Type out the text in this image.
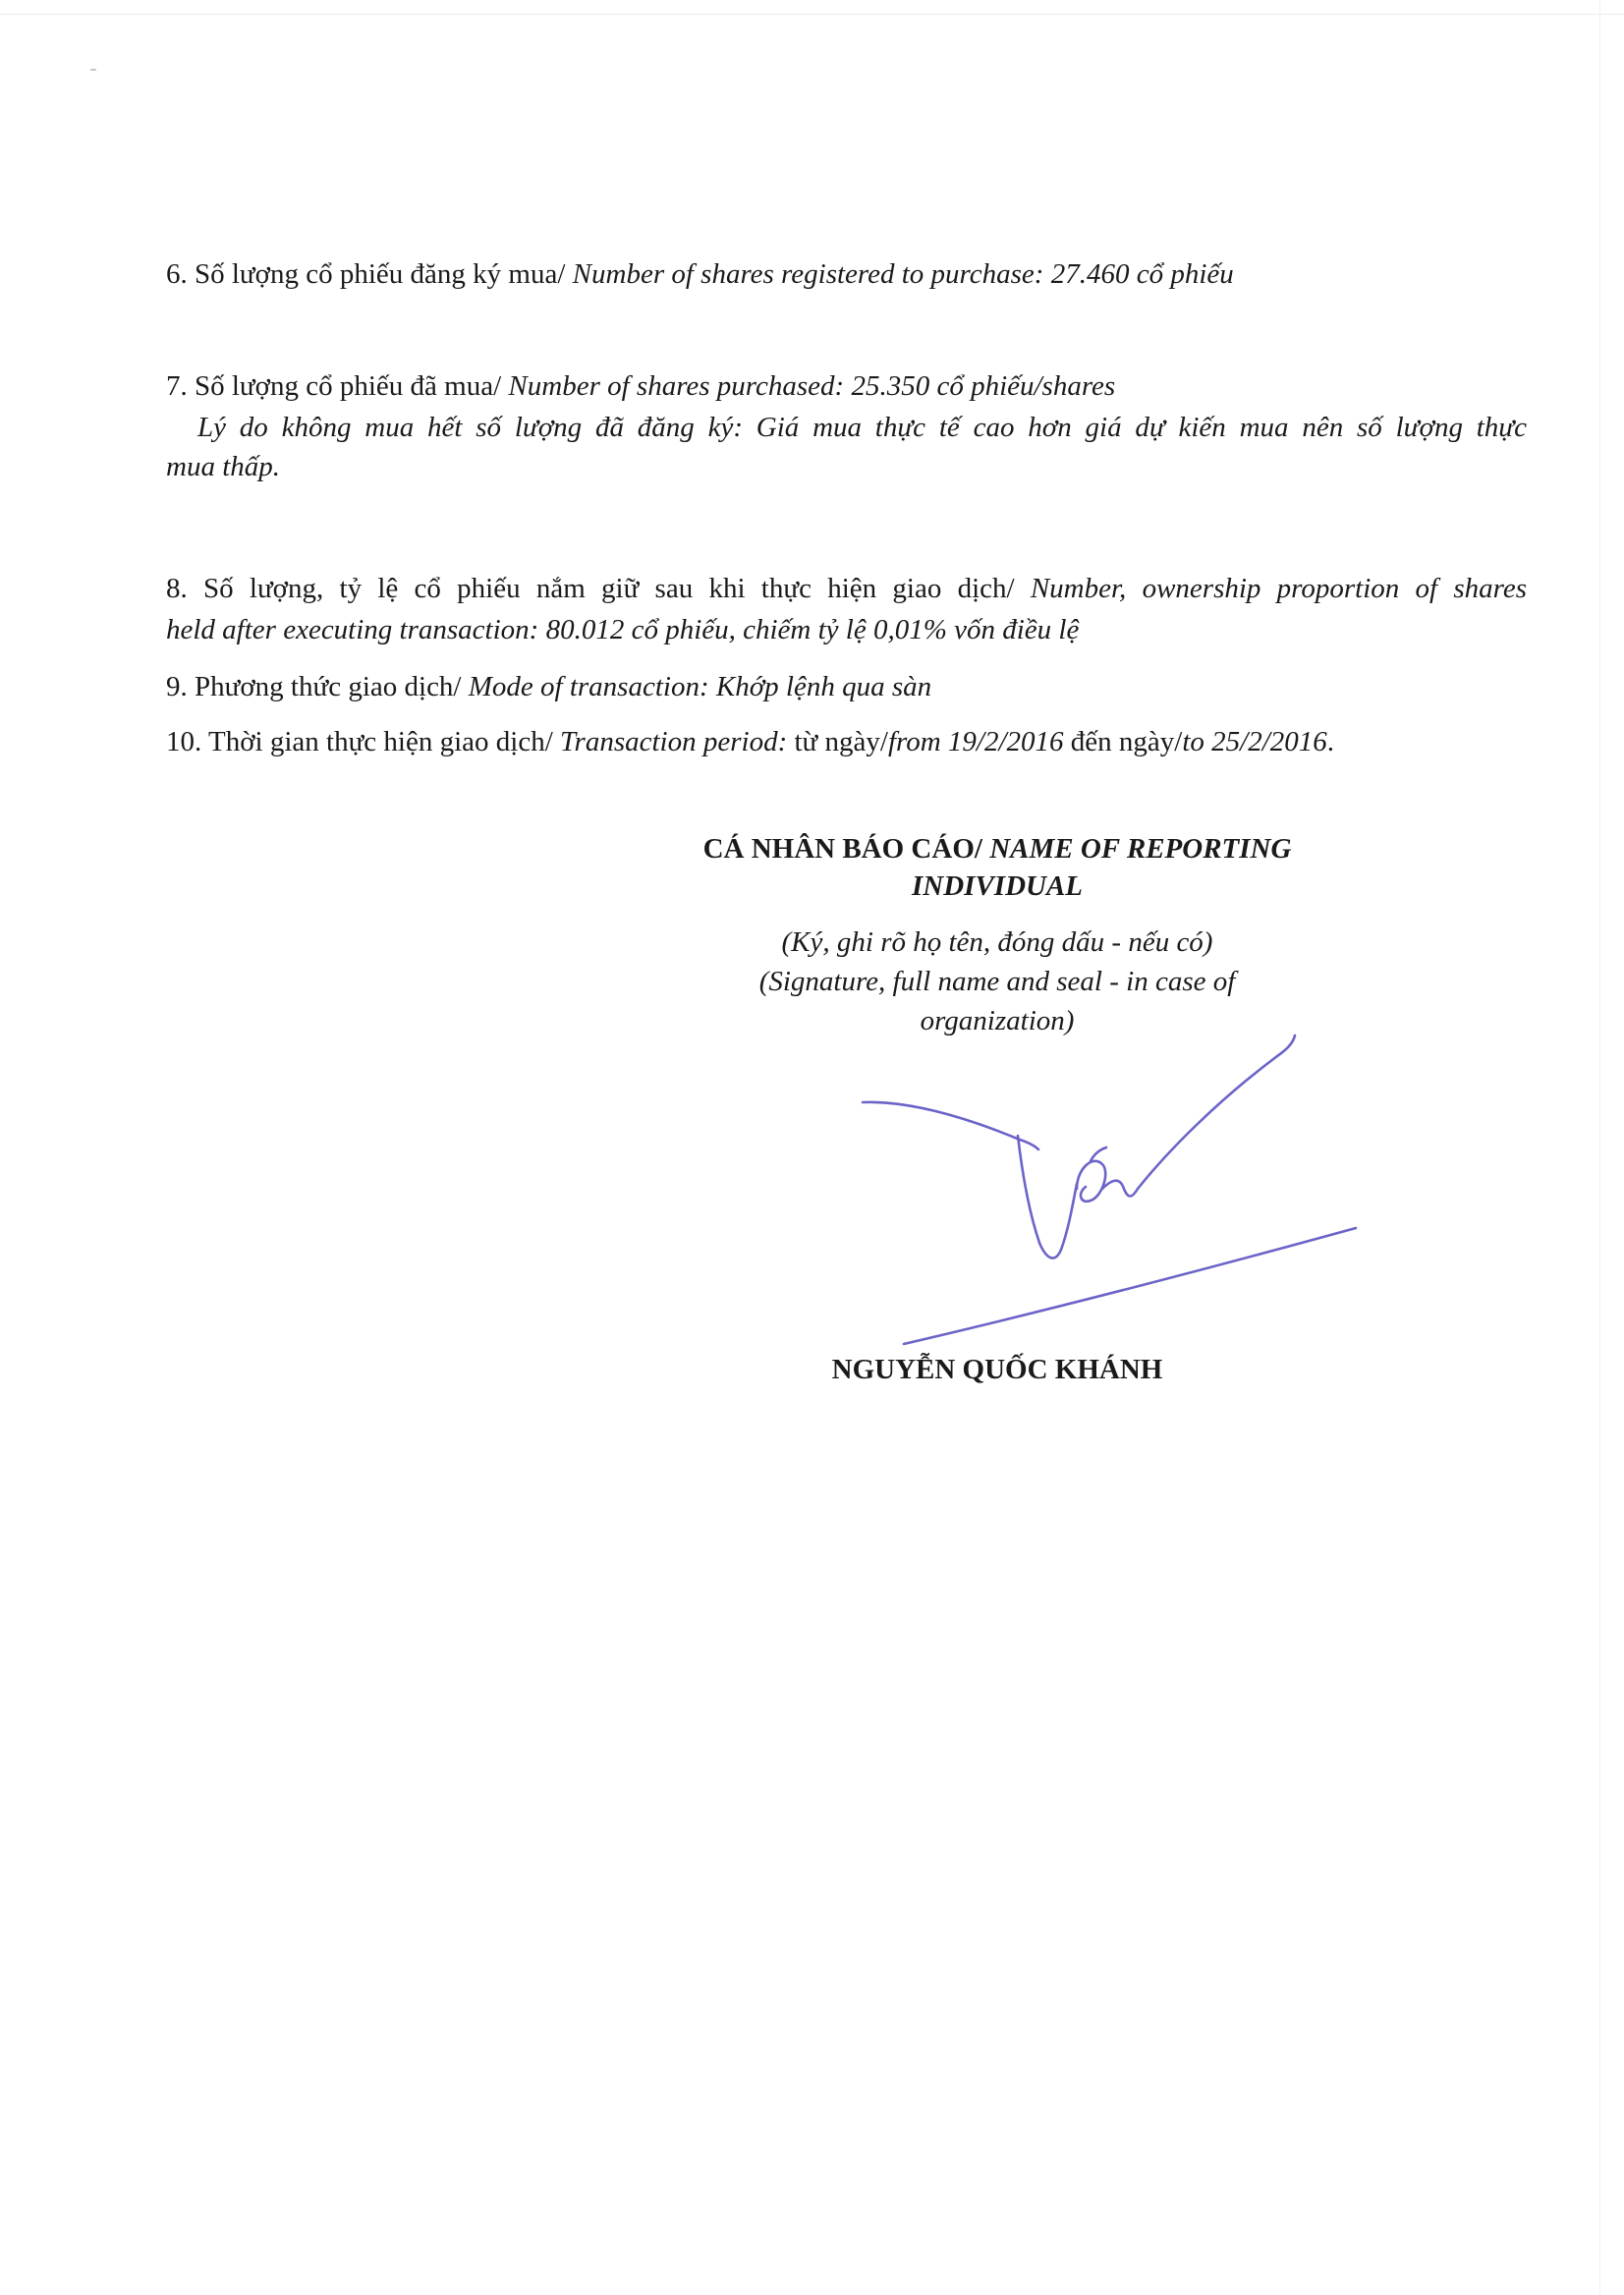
6. Số lượng cổ phiếu đăng ký mua/ Number of shares registered to purchase: 27.460 cổ phiếu
7. Số lượng cổ phiếu đã mua/ Number of shares purchased: 25.350 cổ phiếu/shares
Lý do không mua hết số lượng đã đăng ký: Giá mua thực tế cao hơn giá dự kiến mua nên số lượng thực
mua thấp.
8. Số lượng, tỷ lệ cổ phiếu nắm giữ sau khi thực hiện giao dịch/ Number, ownership proportion of shares
held after executing transaction: 80.012 cổ phiếu, chiếm tỷ lệ 0,01% vốn điều lệ
9. Phương thức giao dịch/ Mode of transaction: Khớp lệnh qua sàn
10. Thời gian thực hiện giao dịch/ Transaction period: từ ngày/from 19/2/2016 đến ngày/to 25/2/2016.
CÁ NHÂN BÁO CÁO/ NAME OF REPORTING
INDIVIDUAL
(Ký, ghi rõ họ tên, đóng dấu - nếu có)
(Signature, full name and seal - in case of
organization)
NGUYỄN QUỐC KHÁNH
